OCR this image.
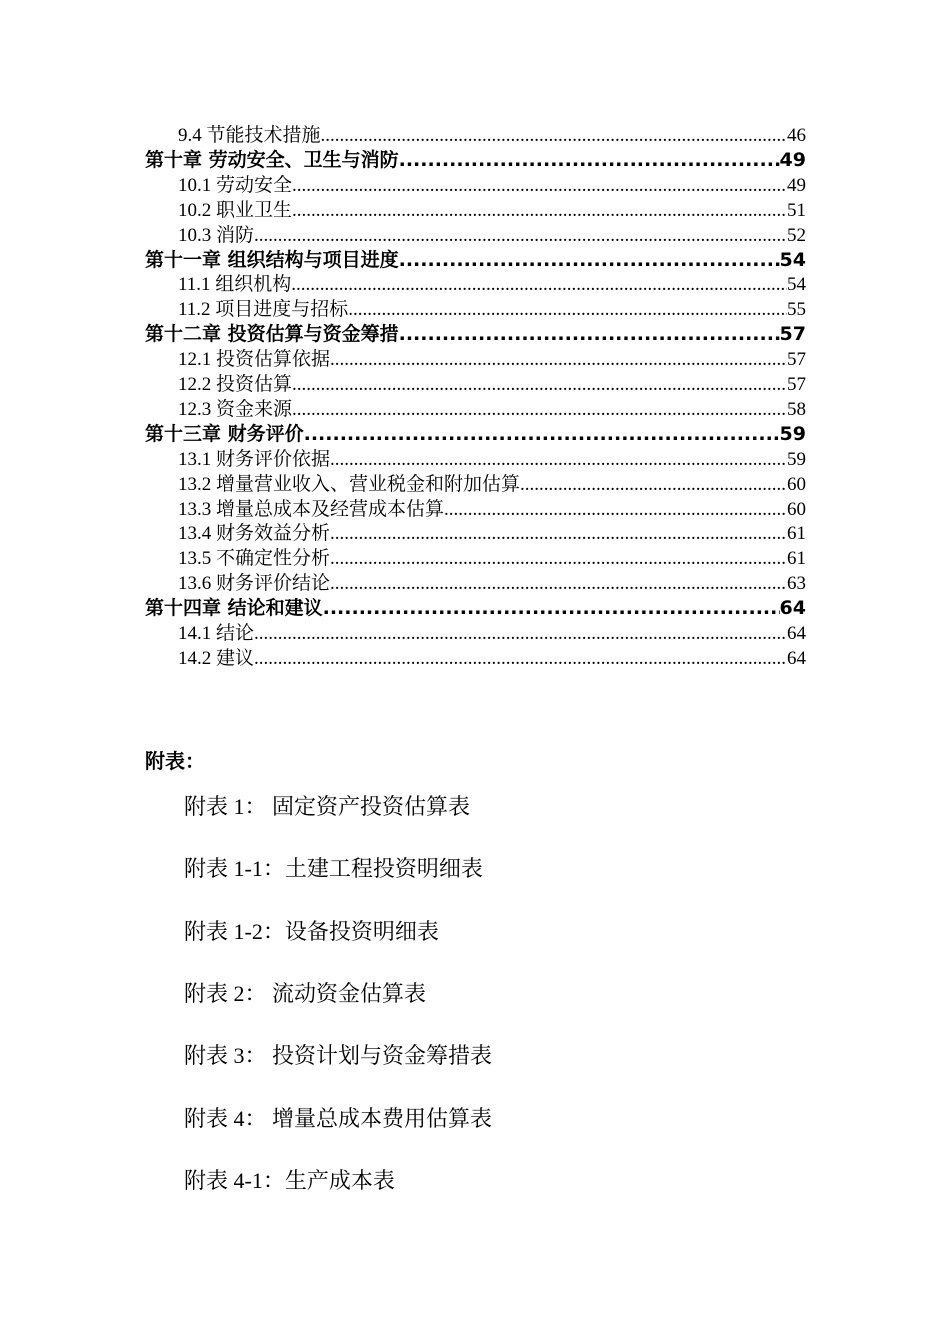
9.4 节能技术措施 .....	46
第十章 劳动安全、卫生与消防 .....	49
10.1 劳动安全 .....	49
10.2 职业卫生 .....	51
10.3 消防 .....	52
第十一章 组织结构与项目进度 .....	54
11.1 组织机构 .....	54
11.2 项目进度与招标 .....	55
第十二章 投资估算与资金筹措 .....	57
12.1 投资估算依据 .....	57
12.2 投资估算 .....	57
12.3 资金来源 .....	58
第十三章 财务评价 .....	59
13.1 财务评价依据 .....	59
13.2 增量营业收入、营业税金和附加估算 .....	60
13.3 增量总成本及经营成本估算 .....	60
13.4 财务效益分析 .....	61
13.5 不确定性分析 .....	61
13.6 财务评价结论 .....	63
第十四章 结论和建议 .....	64
14.1 结论 .....	64
14.2 建议 .....	64
附表：
附表 1： 固定资产投资估算表
附表 1-1：土建工程投资明细表
附表 1-2：设备投资明细表
附表 2： 流动资金估算表
附表 3： 投资计划与资金筹措表
附表 4： 增量总成本费用估算表
附表 4-1：生产成本表
